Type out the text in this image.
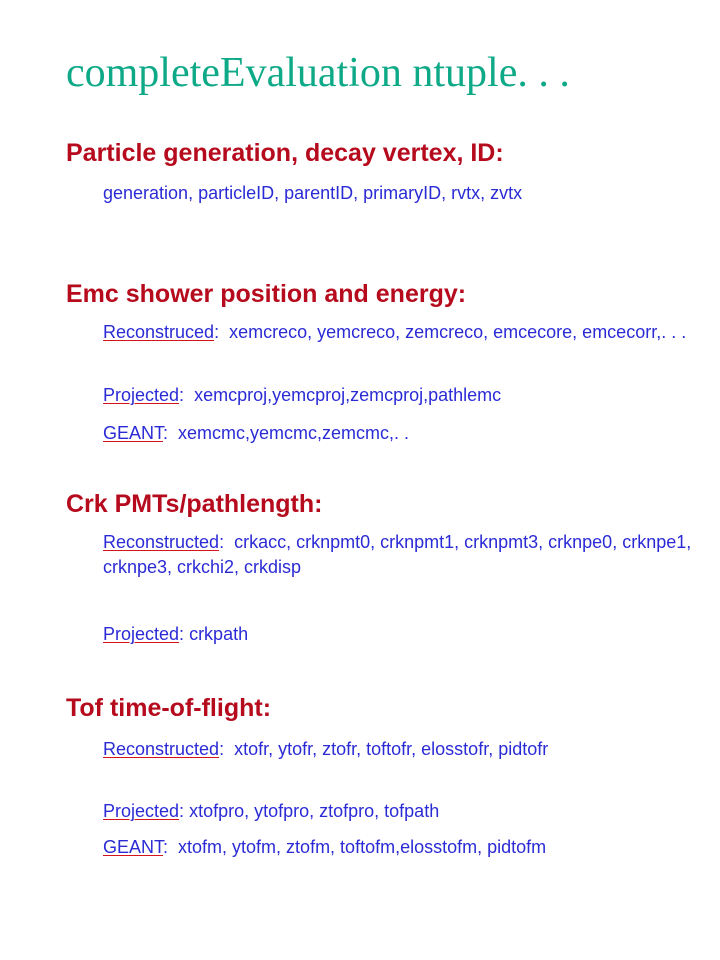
completeEvaluation ntuple. . .
Particle generation, decay vertex, ID:
generation, particleID, parentID, primaryID, rvtx, zvtx
Emc shower position and energy:
Reconstruced:  xemcreco, yemcreco, zemcreco, emcecore, emcecorr,. . .
Projected:  xemcproj,yemcproj,zemcproj,pathlemc
GEANT:  xemcmc,yemcmc,zemcmc,. .
Crk PMTs/pathlength:
Reconstructed:  crkacc, crknpmt0, crknpmt1, crknpmt3, crknpe0, crknpe1, crknpe3, crkchi2, crkdisp
Projected: crkpath
Tof time-of-flight:
Reconstructed:  xtofr, ytofr, ztofr, toftofr, elosstofr, pidtofr
Projected: xtofpro, ytofpro, ztofpro, tofpath
GEANT:  xtofm, ytofm, ztofm, toftofm,elosstofm, pidtofm
